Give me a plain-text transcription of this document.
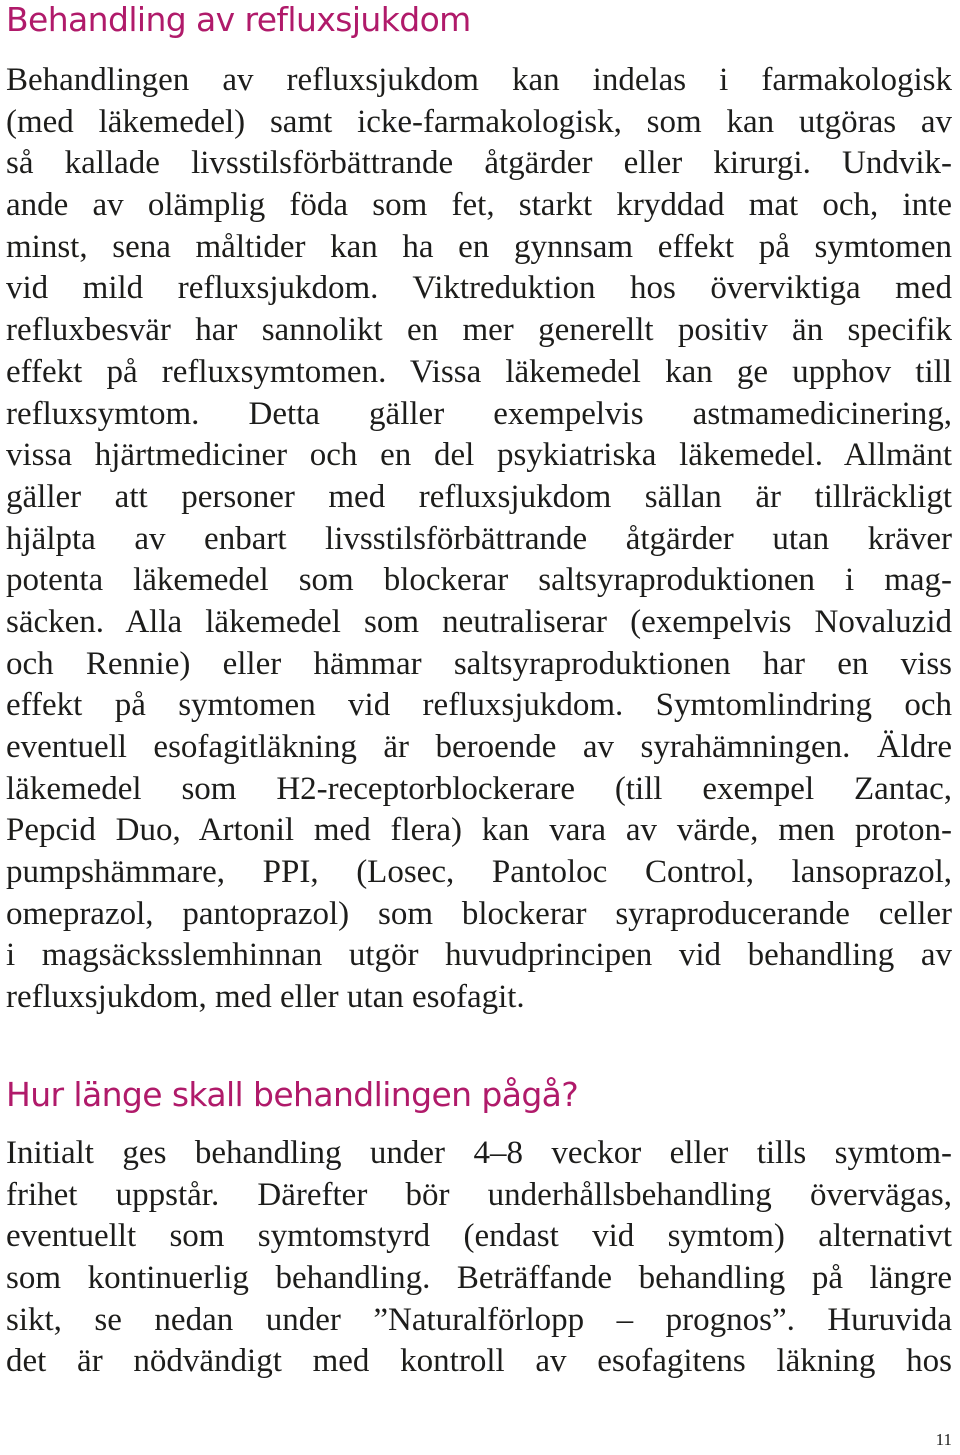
Behandling av refluxsjukdom
Behandlingen av refluxsjukdom kan indelas i farmakologisk
(med läkemedel) samt icke-farmakologisk, som kan utgöras av
så kallade livsstilsförbättrande åtgärder eller kirurgi. Undvik-
ande av olämplig föda som fet, starkt kryddad mat och, inte
minst, sena måltider kan ha en gynnsam effekt på symtomen
vid mild refluxsjukdom. Viktreduktion hos överviktiga med
refluxbesvär har sannolikt en mer generellt positiv än specifik
effekt på refluxsymtomen. Vissa läkemedel kan ge upphov till
refluxsymtom. Detta gäller exempelvis astmamedicinering,
vissa hjärtmediciner och en del psykiatriska läkemedel. Allmänt
gäller att personer med refluxsjukdom sällan är tillräckligt
hjälpta av enbart livsstilsförbättrande åtgärder utan kräver
potenta läkemedel som blockerar saltsyraproduktionen i mag-
säcken. Alla läkemedel som neutraliserar (exempelvis Novaluzid
och Rennie) eller hämmar saltsyraproduktionen har en viss
effekt på symtomen vid refluxsjukdom. Symtomlindring och
eventuell esofagitläkning är beroende av syrahämningen. Äldre
läkemedel som H2-receptorblockerare (till exempel Zantac,
Pepcid Duo, Artonil med flera) kan vara av värde, men proton-
pumpshämmare, PPI, (Losec, Pantoloc Control, lansoprazol,
omeprazol, pantoprazol) som blockerar syraproducerande celler
i magsäcksslemhinnan utgör huvudprincipen vid behandling av
refluxsjukdom, med eller utan esofagit.
Hur länge skall behandlingen pågå?
Initialt ges behandling under 4–8 veckor eller tills symtom-
frihet uppstår. Därefter bör underhållsbehandling övervägas,
eventuellt som symtomstyrd (endast vid symtom) alternativt
som kontinuerlig behandling. Beträffande behandling på längre
sikt, se nedan under ”Naturalförlopp – prognos”. Huruvida
det är nödvändigt med kontroll av esofagitens läkning hos
11
